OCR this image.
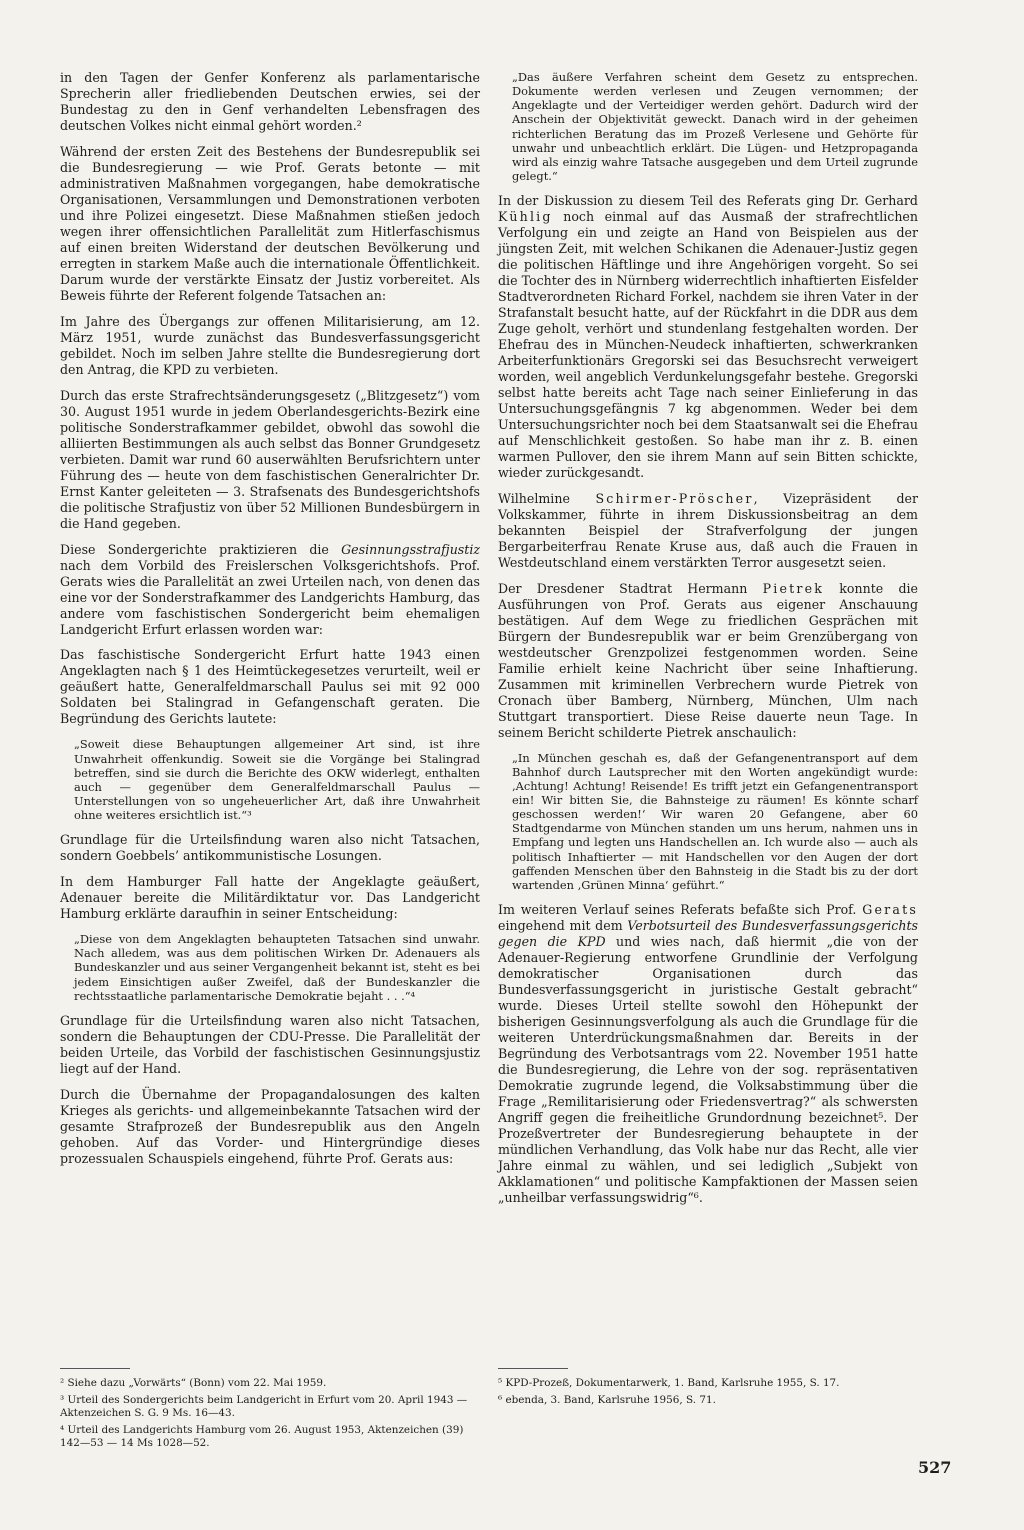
in den Tagen der Genfer Konferenz als parlamentarische Sprecherin aller friedliebenden Deutschen erwies, sei der Bundestag zu den in Genf verhandelten Lebensfragen des deutschen Volkes nicht einmal gehört worden.²

Während der ersten Zeit des Bestehens der Bundesrepublik sei die Bundesregierung — wie Prof. Gerats betonte — mit administrativen Maßnahmen vorgegangen, habe demokratische Organisationen, Versammlungen und Demonstrationen verboten und ihre Polizei eingesetzt. Diese Maßnahmen stießen jedoch wegen ihrer offensichtlichen Parallelität zum Hitlerfaschismus auf einen breiten Widerstand der deutschen Bevölkerung und erregten in starkem Maße auch die internationale Öffentlichkeit. Darum wurde der verstärkte Einsatz der Justiz vorbereitet. Als Beweis führte der Referent folgende Tatsachen an:

Im Jahre des Übergangs zur offenen Militarisierung, am 12. März 1951, wurde zunächst das Bundesverfassungsgericht gebildet. Noch im selben Jahre stellte die Bundesregierung dort den Antrag, die KPD zu verbieten.

Durch das erste Strafrechtsänderungsgesetz („Blitzgesetz“) vom 30. August 1951 wurde in jedem Oberlandesgerichts-Bezirk eine politische Sonderstrafkammer gebildet, obwohl das sowohl die alliierten Bestimmungen als auch selbst das Bonner Grundgesetz verbieten. Damit war rund 60 auserwählten Berufsrichtern unter Führung des — heute von dem faschistischen Generalrichter Dr. Ernst Kanter geleiteten — 3. Strafsenats des Bundesgerichtshofs die politische Strafjustiz von über 52 Millionen Bundesbürgern in die Hand gegeben.

Diese Sondergerichte praktizieren die Gesinnungsstrafjustiz nach dem Vorbild des Freislerschen Volksgerichtshofs. Prof. Gerats wies die Parallelität an zwei Urteilen nach, von denen das eine vor der Sonderstrafkammer des Landgerichts Hamburg, das andere vom faschistischen Sondergericht beim ehemaligen Landgericht Erfurt erlassen worden war:

Das faschistische Sondergericht Erfurt hatte 1943 einen Angeklagten nach § 1 des Heimtückegesetzes verurteilt, weil er geäußert hatte, Generalfeldmarschall Paulus sei mit 92 000 Soldaten bei Stalingrad in Gefangenschaft geraten. Die Begründung des Gerichts lautete:

„Soweit diese Behauptungen allgemeiner Art sind, ist ihre Unwahrheit offenkundig. Soweit sie die Vorgänge bei Stalingrad betreffen, sind sie durch die Berichte des OKW widerlegt, enthalten auch — gegenüber dem Generalfeldmarschall Paulus — Unterstellungen von so ungeheuerlicher Art, daß ihre Unwahrheit ohne weiteres ersichtlich ist.“³

Grundlage für die Urteilsfindung waren also nicht Tatsachen, sondern Goebbels’ antikommunistische Losungen.

In dem Hamburger Fall hatte der Angeklagte geäußert, Adenauer bereite die Militärdiktatur vor. Das Landgericht Hamburg erklärte daraufhin in seiner Entscheidung:

„Diese von dem Angeklagten behaupteten Tatsachen sind unwahr. Nach alledem, was aus dem politischen Wirken Dr. Adenauers als Bundeskanzler und aus seiner Vergangenheit bekannt ist, steht es bei jedem Einsichtigen außer Zweifel, daß der Bundeskanzler die rechtsstaatliche parlamentarische Demokratie bejaht . . .“⁴

Grundlage für die Urteilsfindung waren also nicht Tatsachen, sondern die Behauptungen der CDU-Presse. Die Parallelität der beiden Urteile, das Vorbild der faschistischen Gesinnungsjustiz liegt auf der Hand.

Durch die Übernahme der Propagandalosungen des kalten Krieges als gerichts- und allgemeinbekannte Tatsachen wird der gesamte Strafprozeß der Bundesrepublik aus den Angeln gehoben. Auf das Vorder- und Hintergründige dieses prozessualen Schauspiels eingehend, führte Prof. Gerats aus:

„Das äußere Verfahren scheint dem Gesetz zu entsprechen. Dokumente werden verlesen und Zeugen vernommen; der Angeklagte und der Verteidiger werden gehört. Dadurch wird der Anschein der Objektivität geweckt. Danach wird in der geheimen richterlichen Beratung das im Prozeß Verlesene und Gehörte für unwahr und unbeachtlich erklärt. Die Lügen- und Hetzpropaganda wird als einzig wahre Tatsache ausgegeben und dem Urteil zugrunde gelegt.“

In der Diskussion zu diesem Teil des Referats ging Dr. Gerhard Kühlig noch einmal auf das Ausmaß der strafrechtlichen Verfolgung ein und zeigte an Hand von Beispielen aus der jüngsten Zeit, mit welchen Schikanen die Adenauer-Justiz gegen die politischen Häftlinge und ihre Angehörigen vorgeht. So sei die Tochter des in Nürnberg widerrechtlich inhaftierten Eisfelder Stadtverordneten Richard Forkel, nachdem sie ihren Vater in der Strafanstalt besucht hatte, auf der Rückfahrt in die DDR aus dem Zuge geholt, verhört und stundenlang festgehalten worden. Der Ehefrau des in München-Neudeck inhaftierten, schwerkranken Arbeiterfunktionärs Gregorski sei das Besuchsrecht verweigert worden, weil angeblich Verdunkelungsgefahr bestehe. Gregorski selbst hatte bereits acht Tage nach seiner Einlieferung in das Untersuchungsgefängnis 7 kg abgenommen. Weder bei dem Untersuchungsrichter noch bei dem Staatsanwalt sei die Ehefrau auf Menschlichkeit gestoßen. So habe man ihr z. B. einen warmen Pullover, den sie ihrem Mann auf sein Bitten schickte, wieder zurückgesandt.

Wilhelmine Schirmer-Pröscher, Vizepräsident der Volkskammer, führte in ihrem Diskussionsbeitrag an dem bekannten Beispiel der Strafverfolgung der jungen Bergarbeiterfrau Renate Kruse aus, daß auch die Frauen in Westdeutschland einem verstärkten Terror ausgesetzt seien.

Der Dresdener Stadtrat Hermann Pietrek konnte die Ausführungen von Prof. Gerats aus eigener Anschauung bestätigen. Auf dem Wege zu friedlichen Gesprächen mit Bürgern der Bundesrepublik war er beim Grenzübergang von westdeutscher Grenzpolizei festgenommen worden. Seine Familie erhielt keine Nachricht über seine Inhaftierung. Zusammen mit kriminellen Verbrechern wurde Pietrek von Cronach über Bamberg, Nürnberg, München, Ulm nach Stuttgart transportiert. Diese Reise dauerte neun Tage. In seinem Bericht schilderte Pietrek anschaulich:

„In München geschah es, daß der Gefangenentransport auf dem Bahnhof durch Lautsprecher mit den Worten angekündigt wurde: ‚Achtung! Achtung! Reisende! Es trifft jetzt ein Gefangenentransport ein! Wir bitten Sie, die Bahnsteige zu räumen! Es könnte scharf geschossen werden!‘ Wir waren 20 Gefangene, aber 60 Stadtgendarme von München standen um uns herum, nahmen uns in Empfang und legten uns Handschellen an. Ich wurde also — auch als politisch Inhaftierter — mit Handschellen vor den Augen der dort gaffenden Menschen über den Bahnsteig in die Stadt bis zu der dort wartenden ‚Grünen Minna‘ geführt.“

Im weiteren Verlauf seines Referats befaßte sich Prof. Gerats eingehend mit dem Verbotsurteil des Bundesverfassungsgerichts gegen die KPD und wies nach, daß hiermit „die von der Adenauer-Regierung entworfene Grundlinie der Verfolgung demokratischer Organisationen durch das Bundesverfassungsgericht in juristische Gestalt gebracht“ wurde. Dieses Urteil stellte sowohl den Höhepunkt der bisherigen Gesinnungsverfolgung als auch die Grundlage für die weiteren Unterdrückungsmaßnahmen dar. Bereits in der Begründung des Verbotsantrags vom 22. November 1951 hatte die Bundesregierung, die Lehre von der sog. repräsentativen Demokratie zugrunde legend, die Volksabstimmung über die Frage „Remilitarisierung oder Friedensvertrag?“ als schwersten Angriff gegen die freiheitliche Grundordnung bezeichnet⁵. Der Prozeßvertreter der Bundesregierung behauptete in der mündlichen Verhandlung, das Volk habe nur das Recht, alle vier Jahre einmal zu wählen, und sei lediglich „Subjekt von Akklamationen“ und politische Kampfaktionen der Massen seien „unheilbar verfassungswidrig“⁶.

² Siehe dazu „Vorwärts“ (Bonn) vom 22. Mai 1959.

³ Urteil des Sondergerichts beim Landgericht in Erfurt vom 20. April 1943 — Aktenzeichen S. G. 9 Ms. 16—43.

⁴ Urteil des Landgerichts Hamburg vom 26. August 1953, Aktenzeichen (39) 142—53 — 14 Ms 1028—52.

⁵ KPD-Prozeß, Dokumentarwerk, 1. Band, Karlsruhe 1955, S. 17.

⁶ ebenda, 3. Band, Karlsruhe 1956, S. 71.

527
